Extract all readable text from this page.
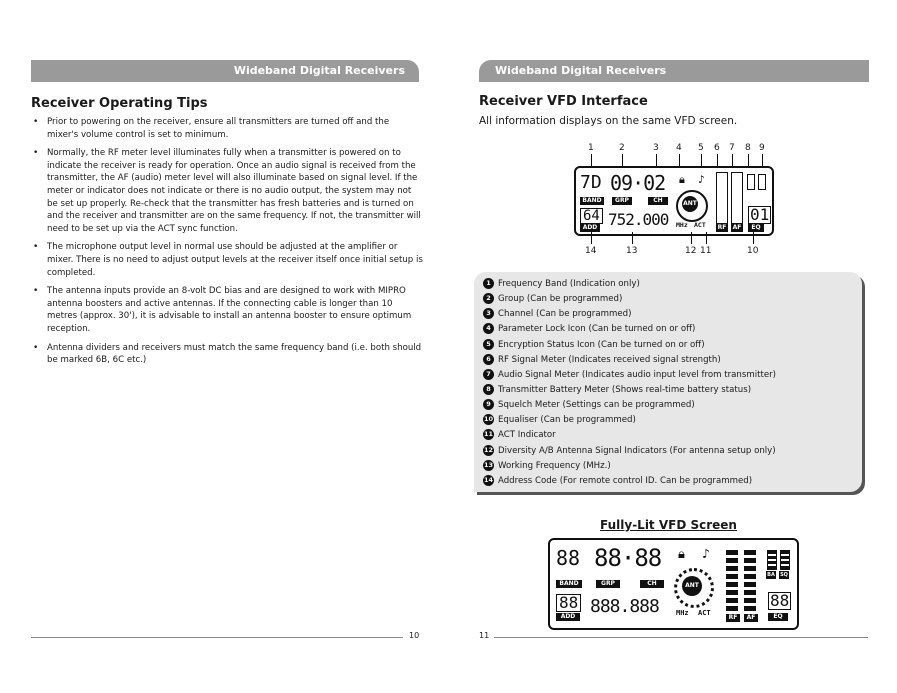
Wideband Digital Receivers
Receiver Operating Tips
• Prior to powering on the receiver, ensure all transmitters are turned off and the mixer's volume control is set to minimum.
• Normally, the RF meter level illuminates fully when a transmitter is powered on to indicate the receiver is ready for operation. Once an audio signal is received from the transmitter, the AF (audio) meter level will also illuminate based on signal level. If the meter or indicator does not indicate or there is no audio output, the system may not be set up properly. Re-check that the transmitter has fresh batteries and is turned on and the receiver and transmitter are on the same frequency. If not, the transmitter will need to be set up via the ACT sync function.
• The microphone output level in normal use should be adjusted at the amplifier or mixer. There is no need to adjust output levels at the receiver itself once initial setup is completed.
• The antenna inputs provide an 8-volt DC bias and are designed to work with MIPRO antenna boosters and active antennas. If the connecting cable is longer than 10 metres (approx. 30'), it is advisable to install an antenna booster to ensure optimum reception.
• Antenna dividers and receivers must match the same frequency band (i.e. both should be marked 6B, 6C etc.)
10
Wideband Digital Receivers
Receiver VFD Interface
All information displays on the same VFD screen.
1	2	3 4 5 6 7 8 9
7D 09·02
BAND	GRP	CH
🔒︎ ♪
ANT
RF AF
64
ADD 752.000 MHz ACT
01
EQ
14	13	12 11	10
1 Frequency Band (Indication only)
2 Group (Can be programmed)
3 Channel (Can be programmed)
4 Parameter Lock Icon (Can be turned on or off)
5 Encryption Status Icon (Can be turned on or off)
6 RF Signal Meter (Indicates received signal strength)
7 Audio Signal Meter (Indicates audio input level from transmitter)
8 Transmitter Battery Meter (Shows real-time battery status)
9 Squelch Meter (Settings can be programmed)
10 Equaliser (Can be programmed)
11 ACT Indicator
12 Diversity A/B Antenna Signal Indicators (For antenna setup only)
13 Working Frequency (MHz.)
14 Address Code (For remote control ID. Can be programmed)
Fully-Lit VFD Screen
88 88·88
BAND	GRP	CH
🔒︎ ♪
ANT
RF	AF
BA SQ
88
ADD 888.888 MHz ACT
88
EQ
11
